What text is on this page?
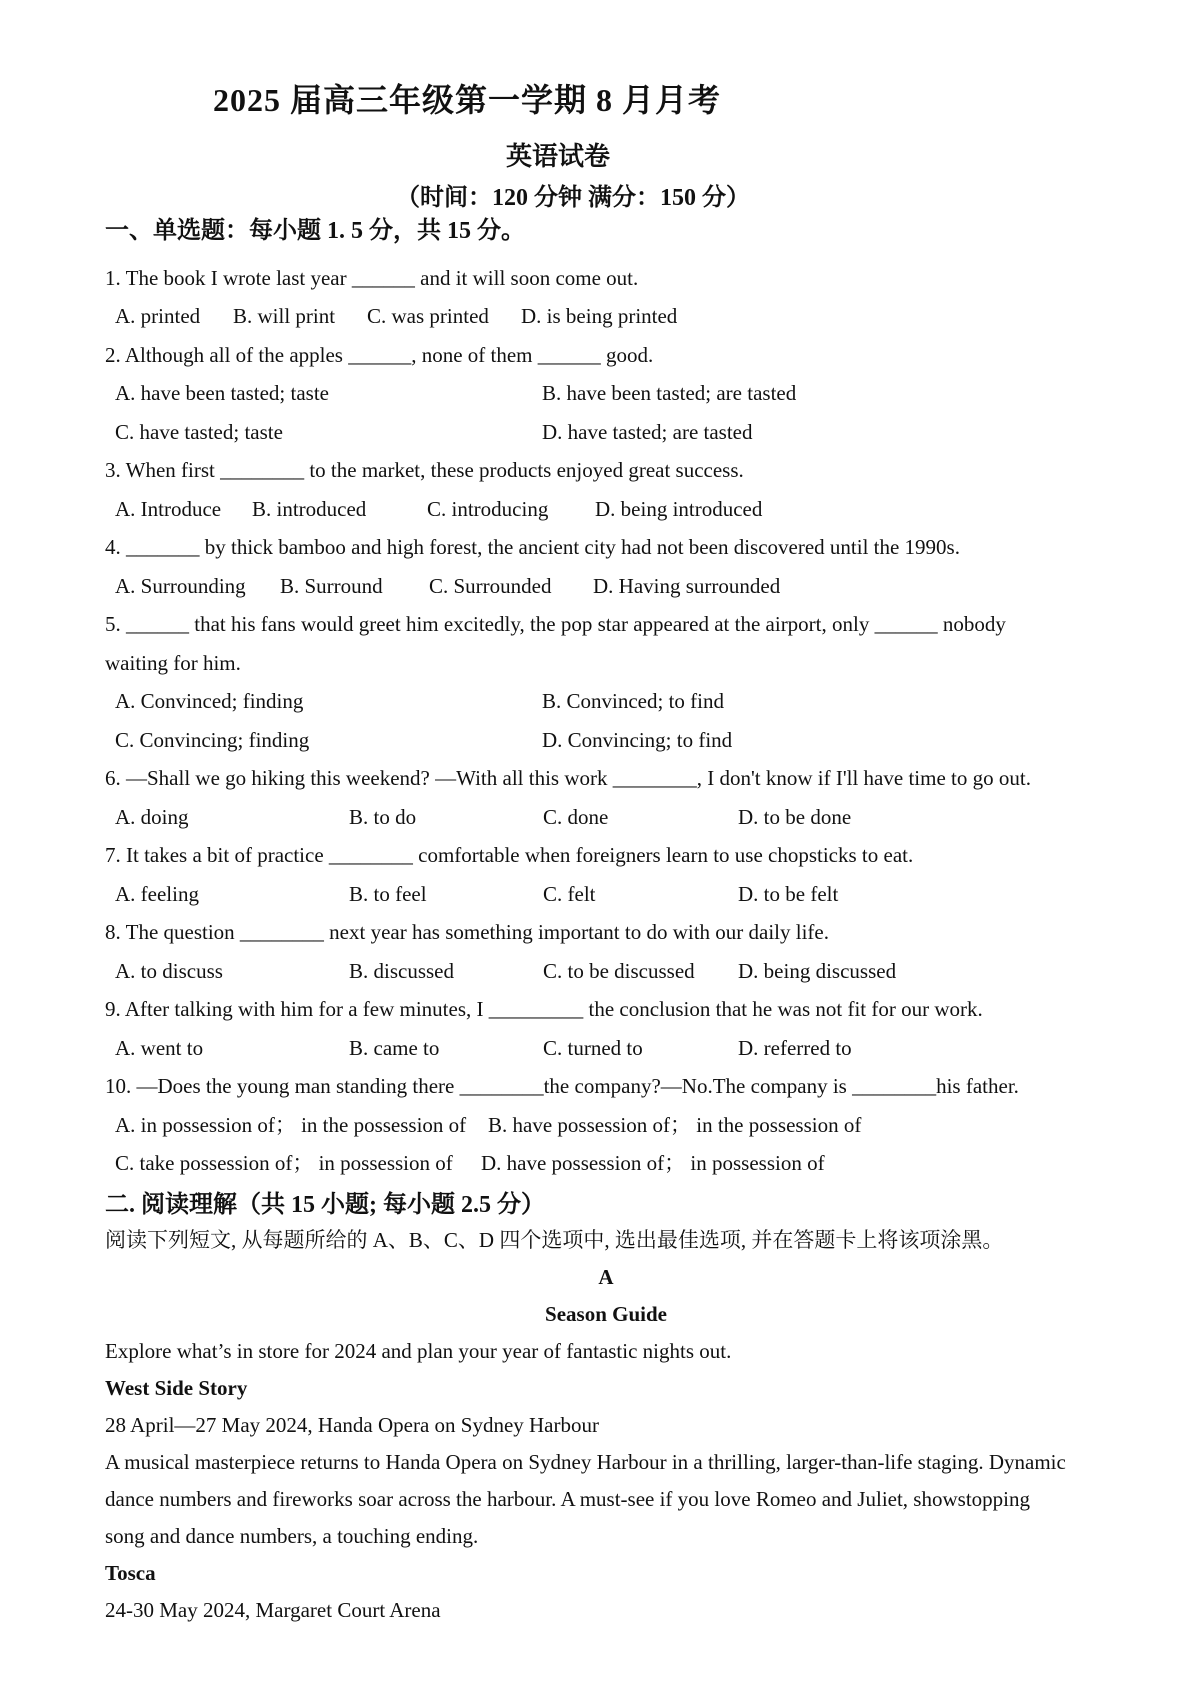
2025 届高三年级第一学期 8 月月考
英语试卷
（时间：120 分钟 满分：150 分）
一、单选题：每小题 1. 5 分，共 15 分。
1. The book I wrote last year ______ and it will soon come out.
A. printed B. will print C. was printed D. is being printed
2. Although all of the apples ______, none of them ______ good.
A. have been tasted; taste	B. have been tasted; are tasted
C. have tasted; taste	D. have tasted; are tasted
3. When first ________ to the market, these products enjoyed great success.
A. Introduce B. introduced	C. introducing D. being introduced
4. _______ by thick bamboo and high forest, the ancient city had not been discovered until the 1990s.
A. Surrounding B. Surround C. Surrounded D. Having surrounded
5. ______ that his fans would greet him excitedly, the pop star appeared at the airport, only ______ nobody
waiting for him.
A. Convinced; finding	B. Convinced; to find
C. Convincing; finding	D. Convincing; to find
6. —Shall we go hiking this weekend? —With all this work ________, I don't know if I'll have time to go out.
A. doing	B. to do	C. done	D. to be done
7. It takes a bit of practice ________ comfortable when foreigners learn to use chopsticks to eat.
A. feeling	B. to feel	C. felt	D. to be felt
8. The question ________ next year has something important to do with our daily life.
A. to discuss	B. discussed	C. to be discussed D. being discussed
9. After talking with him for a few minutes, I _________ the conclusion that he was not fit for our work.
A. went to	B. came to	C. turned to	D. referred to
10. —Does the young man standing there ________the company?—No.The company is ________his father.
A. in possession of； in the possession of B. have possession of； in the possession of
C. take possession of； in possession of D. have possession of； in possession of
二. 阅读理解（共 15 小题; 每小题 2.5 分）
阅读下列短文, 从每题所给的 A、B、C、D 四个选项中, 选出最佳选项, 并在答题卡上将该项涂黑。
A
Season Guide
Explore what’s in store for 2024 and plan your year of fantastic nights out.
West Side Story
28 April—27 May 2024, Handa Opera on Sydney Harbour
A musical masterpiece returns to Handa Opera on Sydney Harbour in a thrilling, larger-than-life staging. Dynamic
dance numbers and fireworks soar across the harbour. A must-see if you love Romeo and Juliet, showstopping
song and dance numbers, a touching ending.
Tosca
24-30 May 2024, Margaret Court Arena
